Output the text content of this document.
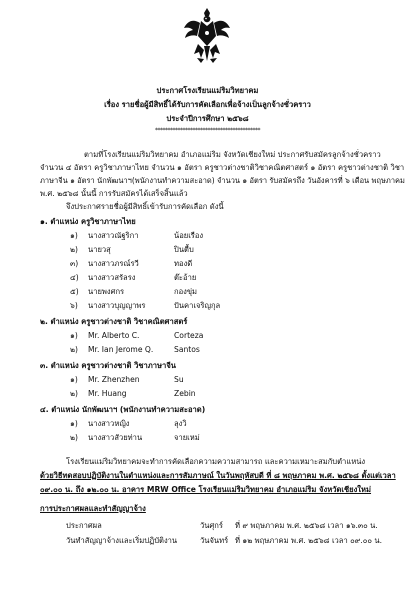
ประกาศโรงเรียนแม่ริมวิทยาคม
เรื่อง รายชื่อผู้มีสิทธิ์ได้รับการคัดเลือกเพื่อจ้างเป็นลูกจ้างชั่วคราว
ประจำปีการศึกษา ๒๕๖๘
******************************************
ตามที่โรงเรียนแม่ริมวิทยาคม อำเภอแม่ริม จังหวัดเชียงใหม่ ประกาศรับสมัครลูกจ้างชั่วคราว
จำนวน ๔ อัตรา ครูวิชาภาษาไทย จำนวน ๑ อัตรา ครูชาวต่างชาติวิชาคณิตศาสตร์ ๑ อัตรา ครูชาวต่างชาติ วิชา
ภาษาจีน ๑ อัตรา นักพัฒนาฯ(พนักงานทำความสะอาด) จำนวน ๑ อัตรา รับสมัครถึง วันอังคารที่ ๖ เดือน พฤษภาคม
พ.ศ. ๒๕๖๘ นั้นนี้ การรับสมัครได้เสร็จสิ้นแล้ว
จึงประกาศรายชื่อผู้มีสิทธิ์เข้ารับการคัดเลือก ดังนี้
๑. ตำแหน่ง ครูวิชาภาษาไทย
๑) นางสาวณัฐริกา	น้อยเรือง
๒) นายวสุ	ปินตื้บ
๓) นางสาวภรณ์รวี	ทองดี
๔) นางสาวสรัลรง	ต๊ะอ้าย
๕) นายพงศกร	กองขุ่ม
๖) นางสาวบุญญาพร	ปันคาเจริญกุล
๒. ตำแหน่ง ครูชาวต่างชาติ วิชาคณิตศาสตร์
๑) Mr. Alberto C.	Corteza
๒) Mr. Ian Jerome Q.	Santos
๓. ตำแหน่ง ครูชาวต่างชาติ วิชาภาษาจีน
๑) Mr. Zhenzhen	Su
๒) Mr. Huang	Zebin
๔. ตำแหน่ง นักพัฒนาฯ (พนักงานทำความสะอาด)
๑) นางสาวหญิง	ลุงวิ
๒) นางสาวสัวยท่าน	จายเหม่
โรงเรียนแม่ริมวิทยาคมจะทำการคัดเลือกความความสามารถ และความเหมาะสมกับตำแหน่ง
ด้วยวิธีทดสอบปฏิบัติงานในตำแหน่งและการสัมภาษณ์ ในวันพฤหัสบดี ที่ ๘ พฤษภาคม พ.ศ. ๒๕๖๘ ตั้งแต่เวลา
๐๙.๐๐ น. ถึง ๑๒.๐๐ น. อาคาร MRW Office โรงเรียนแม่ริมวิทยาคม อำเภอแม่ริม จังหวัดเชียงใหม่
การประกาศผลและทำสัญญาจ้าง
ประกาศผล	วันศุกร์ ที่ ๙ พฤษภาคม พ.ศ. ๒๕๖๘ เวลา ๑๖.๓๐ น.
วันทำสัญญาจ้างและเริ่มปฏิบัติงาน	วันจันทร์ ที่ ๑๒ พฤษภาคม พ.ศ. ๒๕๖๘ เวลา ๐๙.๐๐ น.
